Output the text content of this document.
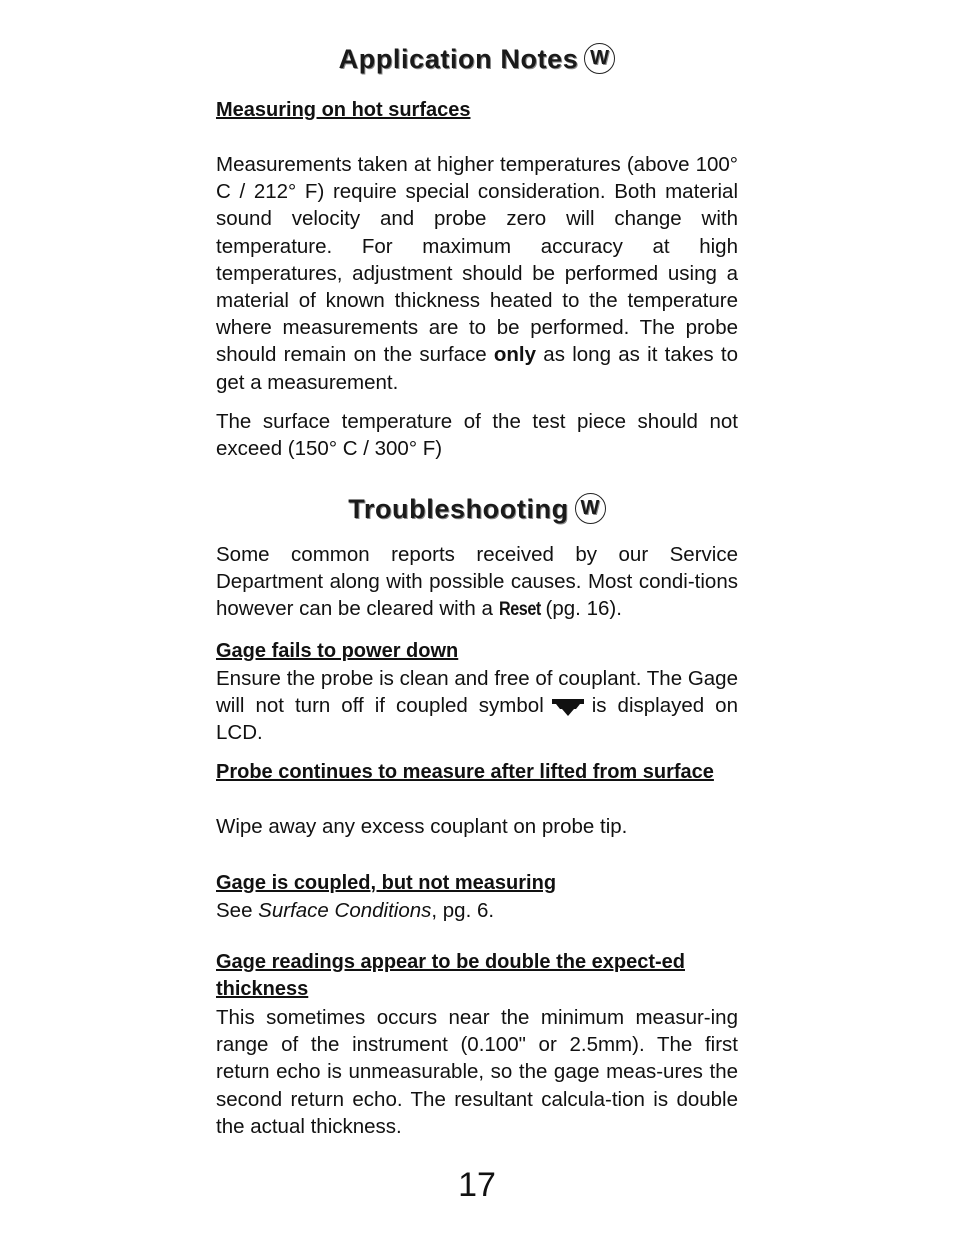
Application Notes W
Measuring on hot surfaces
Measurements taken at higher temperatures (above 100° C / 212° F) require special consideration. Both material sound velocity and probe zero will change with temperature. For maximum accuracy at high temperatures, adjustment should be performed using a material of known thickness heated to the temperature where measurements are to be performed. The probe should remain on the surface only as long as it takes to get a measurement.
The surface temperature of the test piece should not exceed (150° C / 300° F)
Troubleshooting W
Some common reports received by our Service Department along with possible causes. Most condi-tions however can be cleared with a Reset (pg. 16).
Gage fails to power down
Ensure the probe is clean and free of couplant. The Gage will not turn off if coupled symbol is displayed on LCD.
Probe continues to measure after lifted from surface
Wipe away any excess couplant on probe tip.
Gage is coupled, but not measuring
See Surface Conditions, pg. 6.
Gage readings appear to be double the expect-ed thickness
This sometimes occurs near the minimum measur-ing range of the instrument (0.100" or 2.5mm). The first return echo is unmeasurable, so the gage meas-ures the second return echo. The resultant calcula-tion is double the actual thickness.
17
